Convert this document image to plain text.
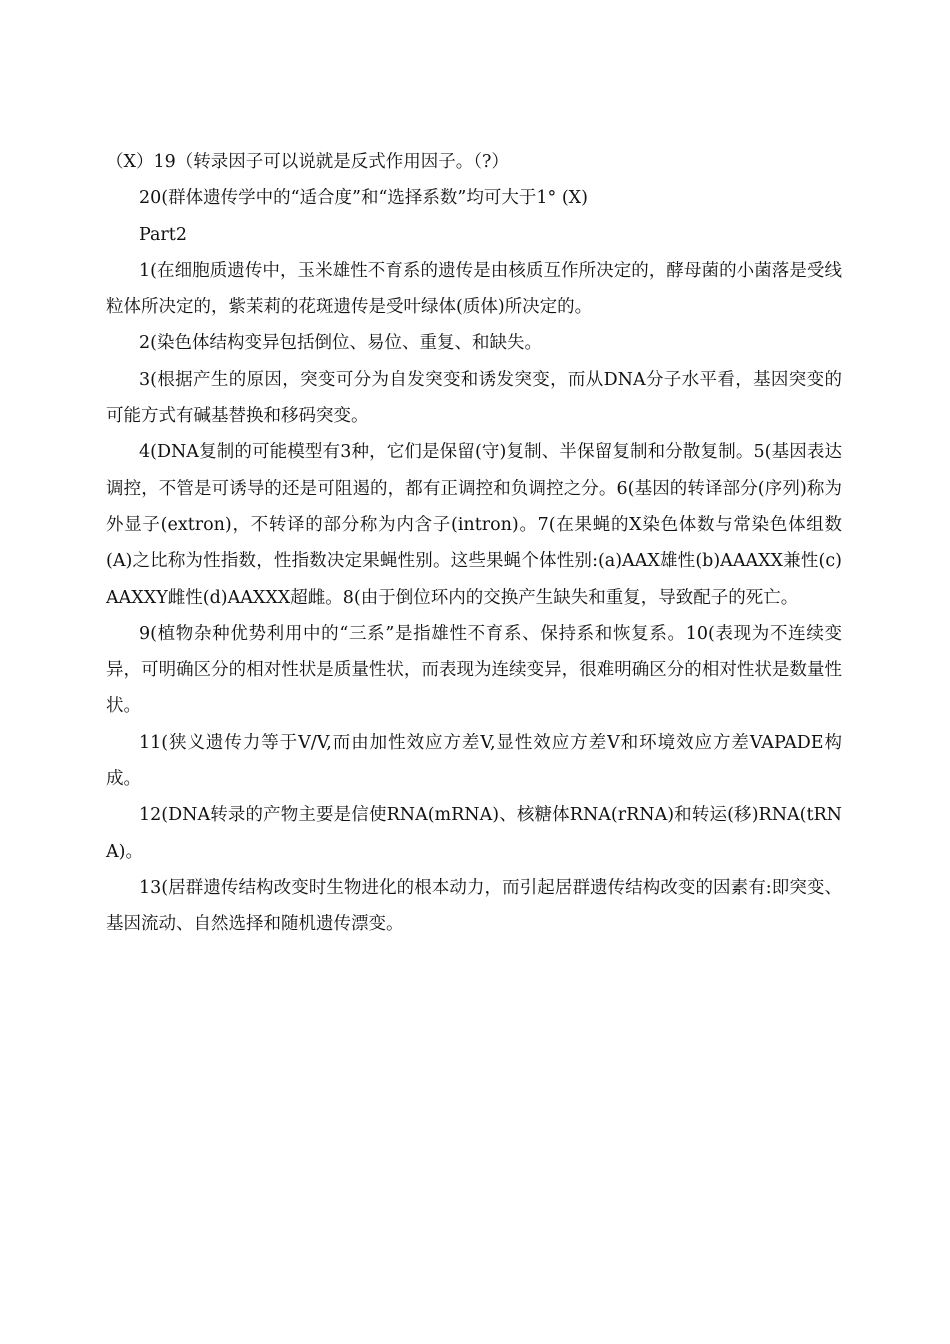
（X）19（转录因子可以说就是反式作用因子。（?）

20(群体遗传学中的“适合度”和“选择系数”均可大于1° (X)

Part2

1(在细胞质遗传中，玉米雄性不育系的遗传是由核质互作所决定的，酵母菌的小菌落是受线粒体所决定的，紫茉莉的花斑遗传是受叶绿体(质体)所决定的。

2(染色体结构变异包括倒位、易位、重复、和缺失。

3(根据产生的原因，突变可分为自发突变和诱发突变，而从DNA分子水平看，基因突变的可能方式有碱基替换和移码突变。

4(DNA复制的可能模型有3种，它们是保留(守)复制、半保留复制和分散复制。5(基因表达调控，不管是可诱导的还是可阻遏的，都有正调控和负调控之分。6(基因的转译部分(序列)称为外显子(extron)，不转译的部分称为内含子(intron)。7(在果蝇的X染色体数与常染色体组数(A)之比称为性指数，性指数决定果蝇性别。这些果蝇个体性别:(a)AAX雄性(b)AAAXX兼性(c)AAXXY雌性(d)AAXXX超雌。8(由于倒位环内的交换产生缺失和重复，导致配子的死亡。

9(植物杂种优势利用中的“三系”是指雄性不育系、保持系和恢复系。10(表现为不连续变异，可明确区分的相对性状是质量性状，而表现为连续变异，很难明确区分的相对性状是数量性状。

11(狭义遗传力等于V/V,而由加性效应方差V,显性效应方差V和环境效应方差VAPADE构成。

12(DNA转录的产物主要是信使RNA(mRNA)、核糖体RNA(rRNA)和转运(移)RNA(tRNA)。

13(居群遗传结构改变时生物进化的根本动力，而引起居群遗传结构改变的因素有:即突变、基因流动、自然选择和随机遗传漂变。
